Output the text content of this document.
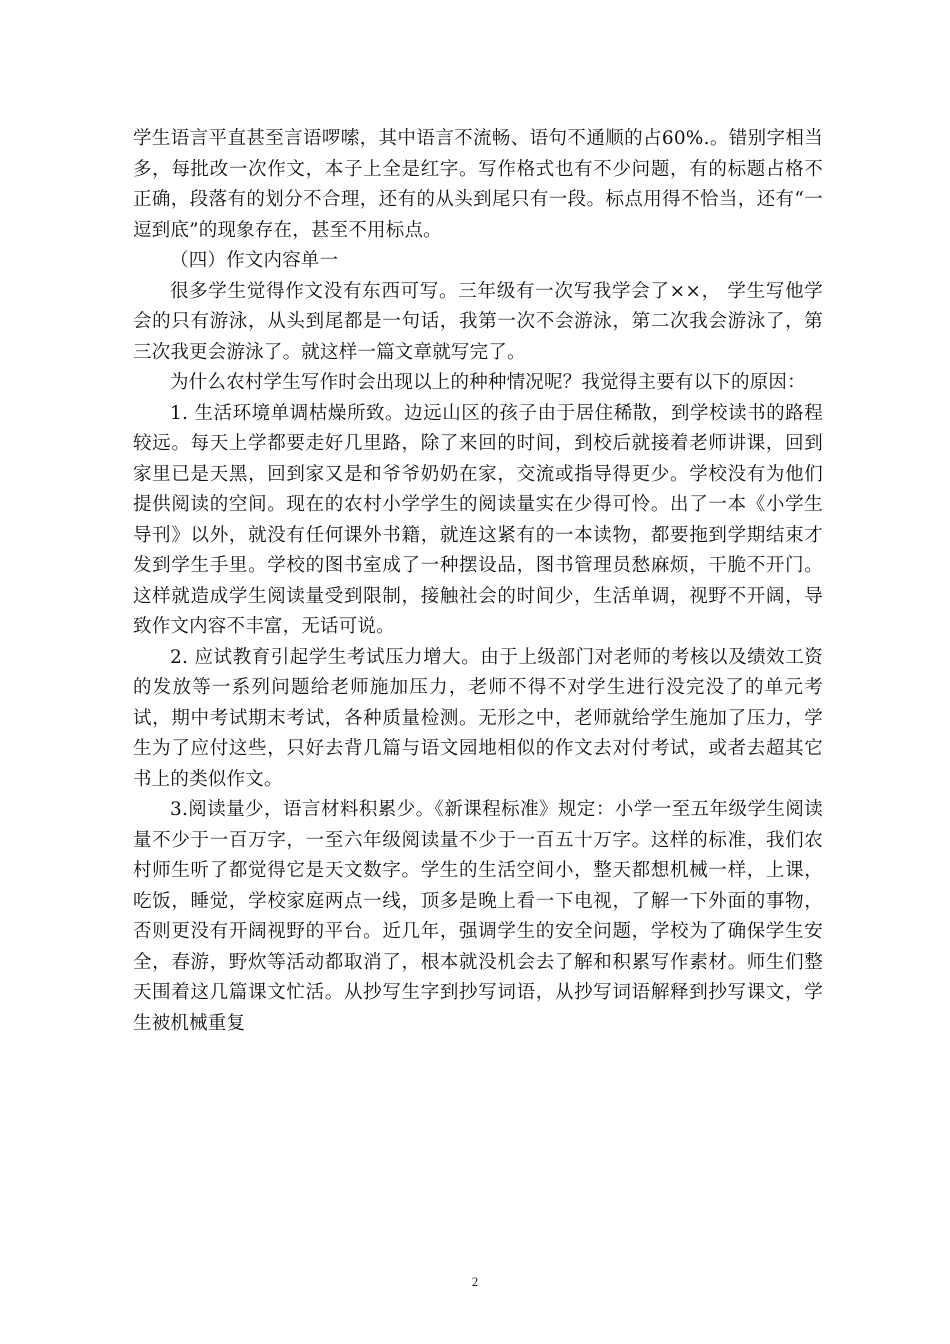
学生语言平直甚至言语啰嗦，其中语言不流畅、语句不通顺的占60%.。错别字相当多，每批改一次作文，本子上全是红字。写作格式也有不少问题，有的标题占格不正确，段落有的划分不合理，还有的从头到尾只有一段。标点用得不恰当，还有“一逗到底”的现象存在，甚至不用标点。

（四）作文内容单一

很多学生觉得作文没有东西可写。三年级有一次写我学会了××， 学生写他学会的只有游泳，从头到尾都是一句话，我第一次不会游泳，第二次我会游泳了，第三次我更会游泳了。就这样一篇文章就写完了。

为什么农村学生写作时会出现以上的种种情况呢？我觉得主要有以下的原因：

1. 生活环境单调枯燥所致。边远山区的孩子由于居住稀散，到学校读书的路程较远。每天上学都要走好几里路，除了来回的时间，到校后就接着老师讲课，回到家里已是天黑，回到家又是和爷爷奶奶在家，交流或指导得更少。学校没有为他们提供阅读的空间。现在的农村小学学生的阅读量实在少得可怜。出了一本《小学生导刊》以外，就没有任何课外书籍，就连这紧有的一本读物，都要拖到学期结束才发到学生手里。学校的图书室成了一种摆设品，图书管理员愁麻烦，干脆不开门。这样就造成学生阅读量受到限制，接触社会的时间少，生活单调，视野不开阔，导致作文内容不丰富，无话可说。

2. 应试教育引起学生考试压力增大。由于上级部门对老师的考核以及绩效工资的发放等一系列问题给老师施加压力，老师不得不对学生进行没完没了的单元考试，期中考试期末考试，各种质量检测。无形之中，老师就给学生施加了压力，学生为了应付这些，只好去背几篇与语文园地相似的作文去对付考试，或者去超其它书上的类似作文。

3.阅读量少，语言材料积累少。《新课程标准》规定：小学一至五年级学生阅读量不少于一百万字，一至六年级阅读量不少于一百五十万字。这样的标准，我们农村师生听了都觉得它是天文数字。学生的生活空间小，整天都想机械一样，上课，吃饭，睡觉，学校家庭两点一线，顶多是晚上看一下电视，了解一下外面的事物，否则更没有开阔视野的平台。近几年，强调学生的安全问题，学校为了确保学生安全，春游，野炊等活动都取消了，根本就没机会去了解和积累写作素材。师生们整天围着这几篇课文忙活。从抄写生字到抄写词语，从抄写词语解释到抄写课文，学生被机械重复

2
